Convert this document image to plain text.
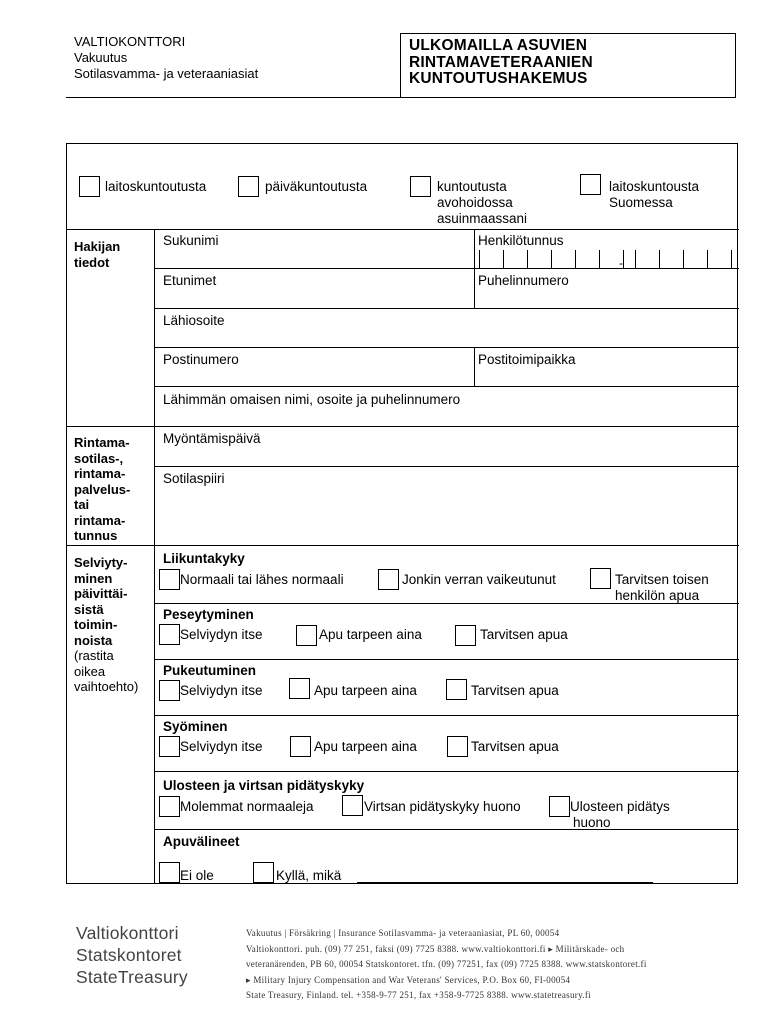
VALTIOKONTTORI
Vakuutus
Sotilasvamma- ja veteraaniasiat
ULKOMAILLA ASUVIEN
RINTAMAVETERAANIEN
KUNTOUTUSHAKEMUS
laitoskuntoutusta	päiväkuntoutusta	kuntoutusta
avohoidossa
asuinmaassani
laitoskuntousta
Suomessa
Hakijan
tiedot
Sukunimi	Henkilötunnus
-
Etunimet	Puhelinnumero
Lähiosoite
Postinumero	Postitoimipaikka
Lähimmän omaisen nimi, osoite ja puhelinnumero
Rintama-
sotilas-,
rintama-
palvelus-
tai
rintama-
tunnus
Myöntämispäivä
Sotilaspiiri
Selviyty-
minen
päivittäi-
sistä
toimin-
noista
(rastita
oikea
vaihtoehto)
Liikuntakyky
Normaali tai lähes normaali	Jonkin verran vaikeutunut	Tarvitsen toisen
henkilön apua
Peseytyminen
Selviydyn itse	Apu tarpeen aina	Tarvitsen apua
Pukeutuminen
Selviydyn itse	Apu tarpeen aina	Tarvitsen apua
Syöminen
Selviydyn itse	Apu tarpeen aina	Tarvitsen apua
Ulosteen ja virtsan pidätyskyky
Molemmat normaaleja	Virtsan pidätyskyky huono	Ulosteen pidätys
huono
Apuvälineet
Ei ole	Kyllä, mikä
Valtiokonttori
Statskontoret
StateTreasury
Vakuutus | Försäkring | Insurance Sotilasvamma- ja veteraaniasiat, PL 60, 00054
Valtiokonttori. puh. (09) 77 251, faksi (09) 7725 8388. www.valtiokonttori.fi ▸ Militärskade- och
veteranärenden, PB 60, 00054 Statskontoret. tfn. (09) 77251, fax (09) 7725 8388. www.statskontoret.fi
▸ Military Injury Compensation and War Veterans' Services, P.O. Box 60, FI-00054
State Treasury, Finland. tel. +358-9-77 251, fax +358-9-7725 8388. www.statetreasury.fi
